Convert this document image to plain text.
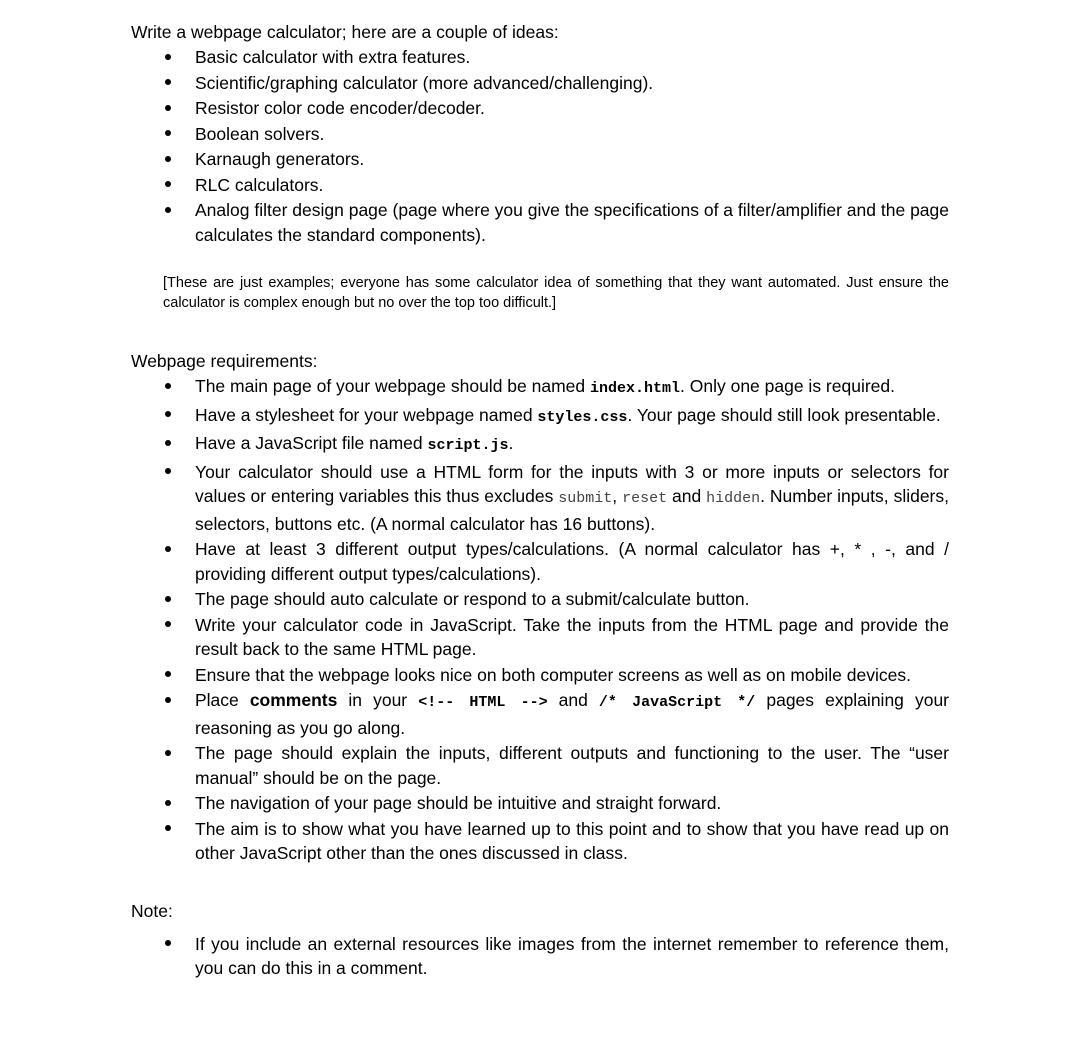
Write a webpage calculator; here are a couple of ideas:

Basic calculator with extra features.
Scientific/graphing calculator (more advanced/challenging).
Resistor color code encoder/decoder.
Boolean solvers.
Karnaugh generators.
RLC calculators.
Analog filter design page (page where you give the specifications of a filter/amplifier and the page calculates the standard components).

[These are just examples; everyone has some calculator idea of something that they want automated. Just ensure the calculator is complex enough but no over the top too difficult.]

Webpage requirements:

The main page of your webpage should be named index.html. Only one page is required.
Have a stylesheet for your webpage named styles.css. Your page should still look presentable.
Have a JavaScript file named script.js.
Your calculator should use a HTML form for the inputs with 3 or more inputs or selectors for values or entering variables this thus excludes submit, reset and hidden. Number inputs, sliders, selectors, buttons etc. (A normal calculator has 16 buttons).
Have at least 3 different output types/calculations. (A normal calculator has +, * , -, and / providing different output types/calculations).
The page should auto calculate or respond to a submit/calculate button.
Write your calculator code in JavaScript. Take the inputs from the HTML page and provide the result back to the same HTML page.
Ensure that the webpage looks nice on both computer screens as well as on mobile devices.
Place comments in your <!-- HTML --> and /* JavaScript */ pages explaining your reasoning as you go along.
The page should explain the inputs, different outputs and functioning to the user. The “user manual” should be on the page.
The navigation of your page should be intuitive and straight forward.
The aim is to show what you have learned up to this point and to show that you have read up on other JavaScript other than the ones discussed in class.

Note:

If you include an external resources like images from the internet remember to reference them, you can do this in a comment.
